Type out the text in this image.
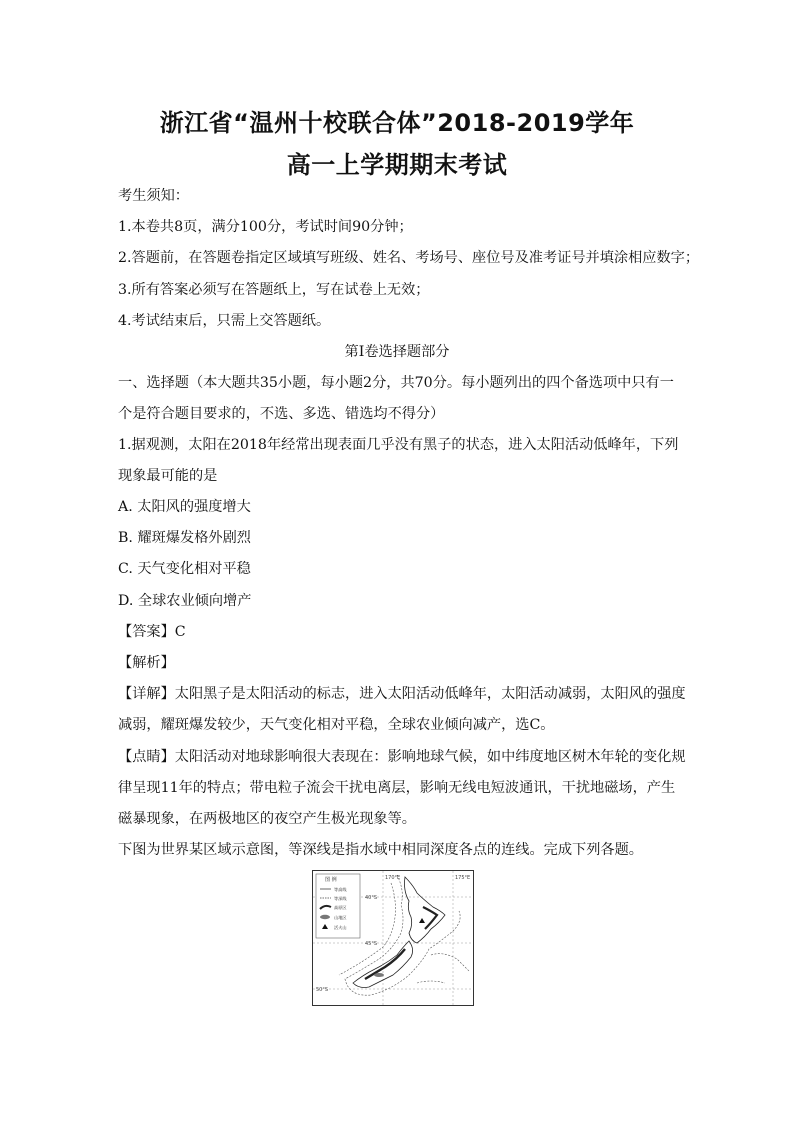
浙江省“温州十校联合体”2018-2019学年
高一上学期期末考试
考生须知：
1.本卷共8页，满分100分，考试时间90分钟；
2.答题前，在答题卷指定区域填写班级、姓名、考场号、座位号及准考证号并填涂相应数字；
3.所有答案必须写在答题纸上，写在试卷上无效；
4.考试结束后，只需上交答题纸。
第Ⅰ卷选择题部分
一、选择题（本大题共35小题，每小题2分，共70分。每小题列出的四个备选项中只有一
个是符合题目要求的，不选、多选、错选均不得分）
1.据观测，太阳在2018年经常出现表面几乎没有黑子的状态，进入太阳活动低峰年，下列
现象最可能的是
A. 太阳风的强度增大
B. 耀斑爆发格外剧烈
C. 天气变化相对平稳
D. 全球农业倾向增产
【答案】C
【解析】
【详解】太阳黑子是太阳活动的标志，进入太阳活动低峰年，太阳活动减弱，太阳风的强度
减弱，耀斑爆发较少，天气变化相对平稳，全球农业倾向减产，选C。
【点睛】太阳活动对地球影响很大表现在：影响地球气候，如中纬度地区树木年轮的变化规
律呈现11年的特点；带电粒子流会干扰电离层，影响无线电短波通讯，干扰地磁场，产生
磁暴现象，在两极地区的夜空产生极光现象等。
下图为世界某区域示意图，等深线是指水域中相同深度各点的连线。完成下列各题。
170°E	175°E
40°S
45°S
50°S
图 例
等高线
等深线
高原区
山地区
活火山
